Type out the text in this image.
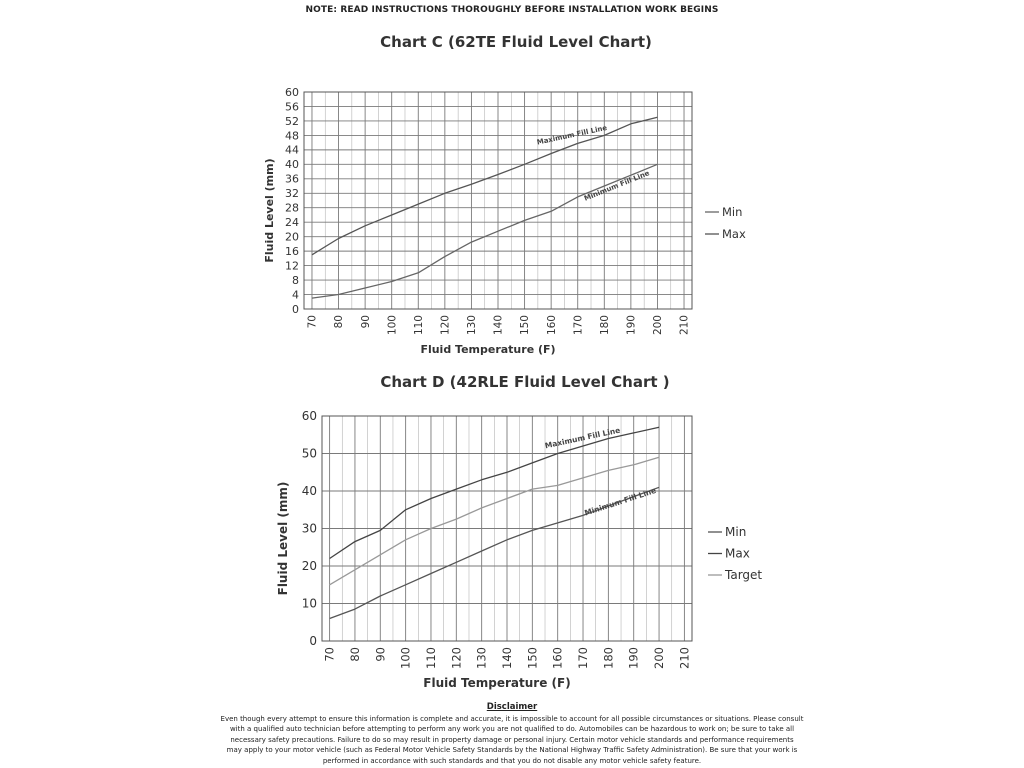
NOTE: READ INSTRUCTIONS THOROUGHLY BEFORE INSTALLATION WORK BEGINS
Chart C (62TE Fluid Level Chart)
0
4
8
12
16
20
24
28
32
36
40
44
48
52
56
60
70 80 90 100 110 120 130 140 150 160 170 180 190 200 210
Fluid Temperature (F)
Fluid Level (mm)
Maximum Fill Line
Minimum Fill Line
Min
Max
Chart D (42RLE Fluid Level Chart )
0
10
20
30
40
50
60
70 80 90 100 110 120 130 140 150 160 170 180 190 200 210
Fluid Temperature (F)
Fluid Level (mm)
Maximum Fill Line
Minimum Fill Line
Min
Max
Target
Disclaimer
Even though every attempt to ensure this information is complete and accurate, it is impossible to account for all possible circumstances or situations. Please consult
with a qualified auto technician before attempting to perform any work you are not qualified to do. Automobiles can be hazardous to work on; be sure to take all
necessary safety precautions. Failure to do so may result in property damage or personal injury. Certain motor vehicle standards and performance requirements
may apply to your motor vehicle (such as Federal Motor Vehicle Safety Standards by the National Highway Traffic Safety Administration). Be sure that your work is
performed in accordance with such standards and that you do not disable any motor vehicle safety feature.
